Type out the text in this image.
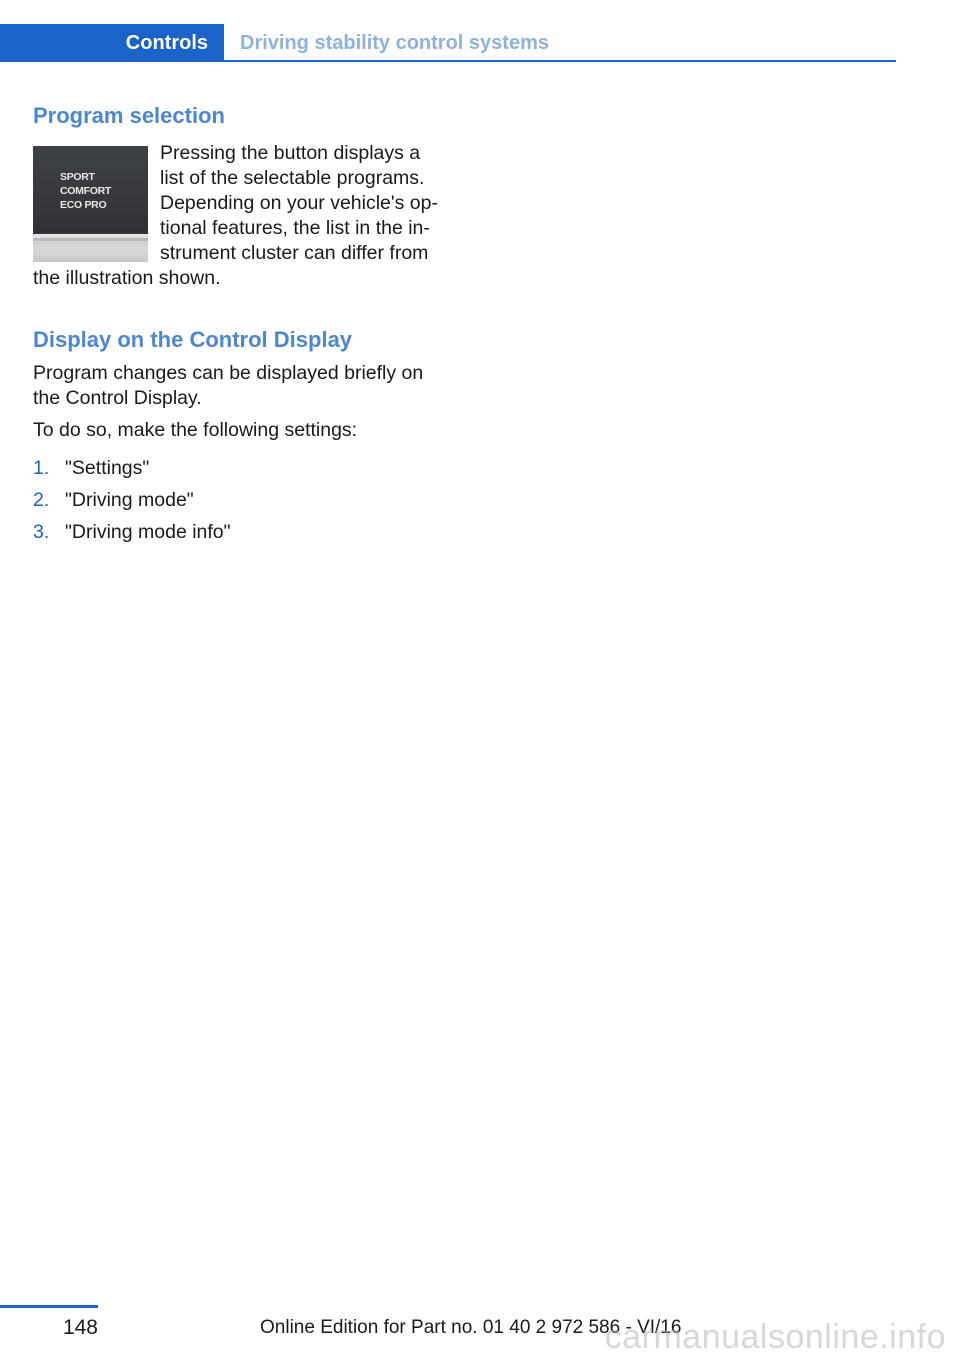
Controls	Driving stability control systems
Program selection
SPORT
COMFORT
ECO PRO
Pressing the button displays a
list of the selectable programs.
Depending on your vehicle's op-
tional features, the list in the in-
strument cluster can differ from
the illustration shown.
Display on the Control Display
Program changes can be displayed briefly on
the Control Display.
To do so, make the following settings:
1. "Settings"
2. "Driving mode"
3. "Driving mode info"
148	Online Edition for Part no. 01 40 2 972 586 - VI/16
carmanualsonline.info
